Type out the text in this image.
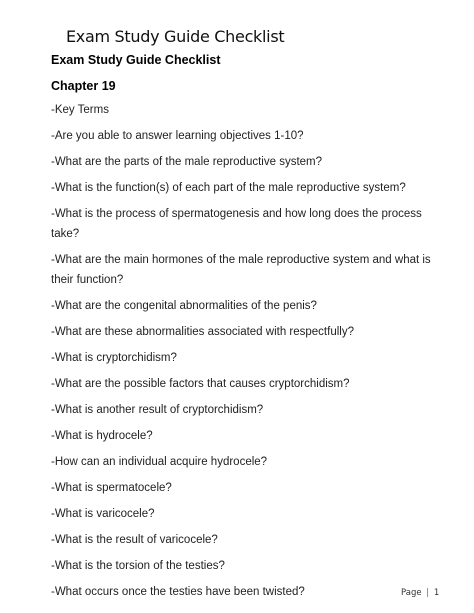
Exam Study Guide Checklist
Exam Study Guide Checklist
Chapter 19
-Key Terms
-Are you able to answer learning objectives 1-10?
-What are the parts of the male reproductive system?
-What is the function(s) of each part of the male reproductive system?
-What is the process of spermatogenesis and how long does the process take?
-What are the main hormones of the male reproductive system and what is their function?
-What are the congenital abnormalities of the penis?
-What are these abnormalities associated with respectfully?
-What is cryptorchidism?
-What are the possible factors that causes cryptorchidism?
-What is another result of cryptorchidism?
-What is hydrocele?
-How can an individual acquire hydrocele?
-What is spermatocele?
-What is varicocele?
-What is the result of varicocele?
-What is the torsion of the testies?
-What occurs once the testies have been twisted?	Page | 1
